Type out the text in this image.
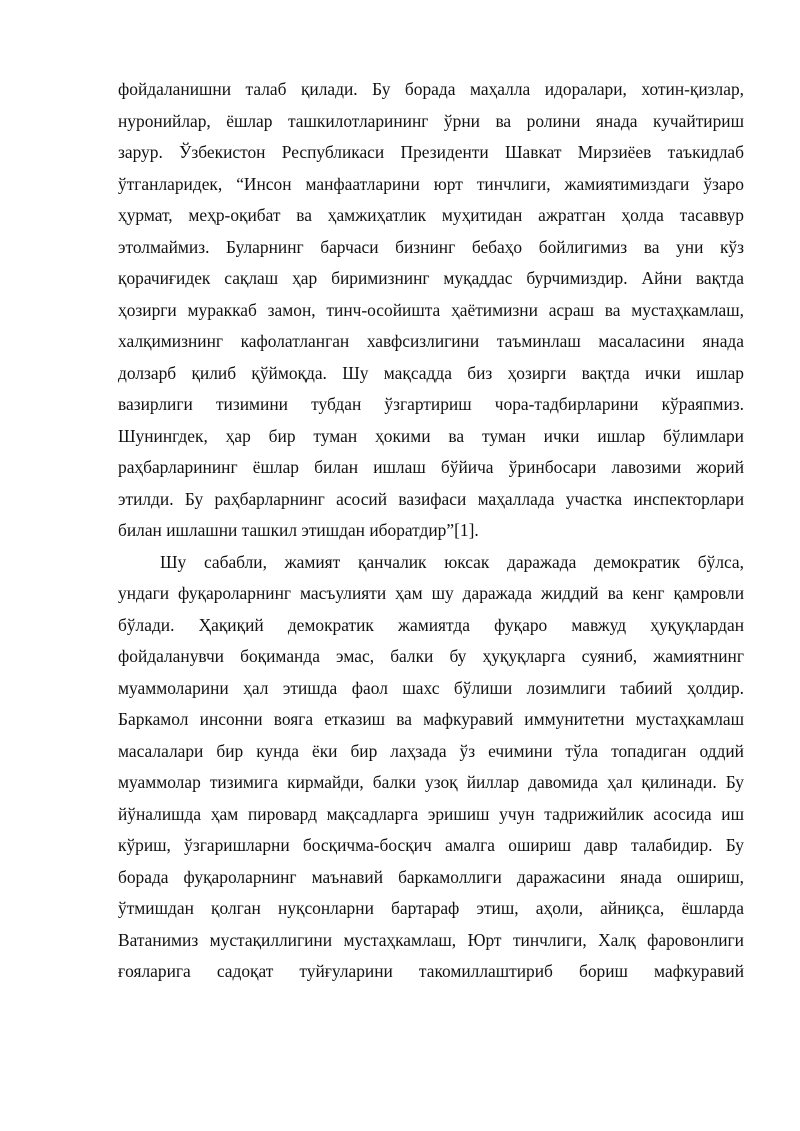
фойдаланишни талаб қилади. Бу борада маҳалла идоралари, хотин-қизлар,
нуронийлар, ёшлар ташкилотларининг ўрни ва ролини янада кучайтириш
зарур. Ўзбекистон Республикаси Президенти Шавкат Мирзиёев таъкидлаб
ўтганларидек, “Инсон манфаатларини юрт тинчлиги, жамиятимиздаги ўзаро
ҳурмат, меҳр-оқибат ва ҳамжиҳатлик муҳитидан ажратган ҳолда тасаввур
этолмаймиз. Буларнинг барчаси бизнинг бебаҳо бойлигимиз ва уни кўз
қорачиғидек сақлаш ҳар биримизнинг муқаддас бурчимиздир. Айни вақтда
ҳозирги мураккаб замон, тинч-осойишта ҳаётимизни асраш ва мустаҳкамлаш,
халқимизнинг кафолатланган хавфсизлигини таъминлаш масаласини янада
долзарб қилиб қўймоқда. Шу мақсадда биз ҳозирги вақтда ички ишлар
вазирлиги тизимини тубдан ўзгартириш чора-тадбирларини кўраяпмиз.
Шунингдек, ҳар бир туман ҳокими ва туман ички ишлар бўлимлари
раҳбарларининг ёшлар билан ишлаш бўйича ўринбосари лавозими жорий
этилди. Бу раҳбарларнинг асосий вазифаси маҳаллада участка инспекторлари
билан ишлашни ташкил этишдан иборатдир”[1].
Шу сабабли, жамият қанчалик юксак даражада демократик бўлса,
ундаги фуқароларнинг масъулияти ҳам шу даражада жиддий ва кенг қамровли
бўлади. Ҳақиқий демократик жамиятда фуқаро мавжуд ҳуқуқлардан
фойдаланувчи боқиманда эмас, балки бу ҳуқуқларга суяниб, жамиятнинг
муаммоларини ҳал этишда фаол шахс бўлиши лозимлиги табиий ҳолдир.
Баркамол инсонни вояга етказиш ва мафкуравий иммунитетни мустаҳкамлаш
масалалари бир кунда ёки бир лаҳзада ўз ечимини тўла топадиган оддий
муаммолар тизимига кирмайди, балки узоқ йиллар давомида ҳал қилинади. Бу
йўналишда ҳам пировард мақсадларга эришиш учун тадрижийлик асосида иш
кўриш, ўзгаришларни босқичма-босқич амалга ошириш давр талабидир. Бу
борада фуқароларнинг маънавий баркамоллиги даражасини янада ошириш,
ўтмишдан қолган нуқсонларни бартараф этиш, аҳоли, айниқса, ёшларда
Ватанимиз мустақиллигини мустаҳкамлаш, Юрт тинчлиги, Халқ фаровонлиги
ғояларига садоқат туйғуларини такомиллаштириб бориш мафкуравий
